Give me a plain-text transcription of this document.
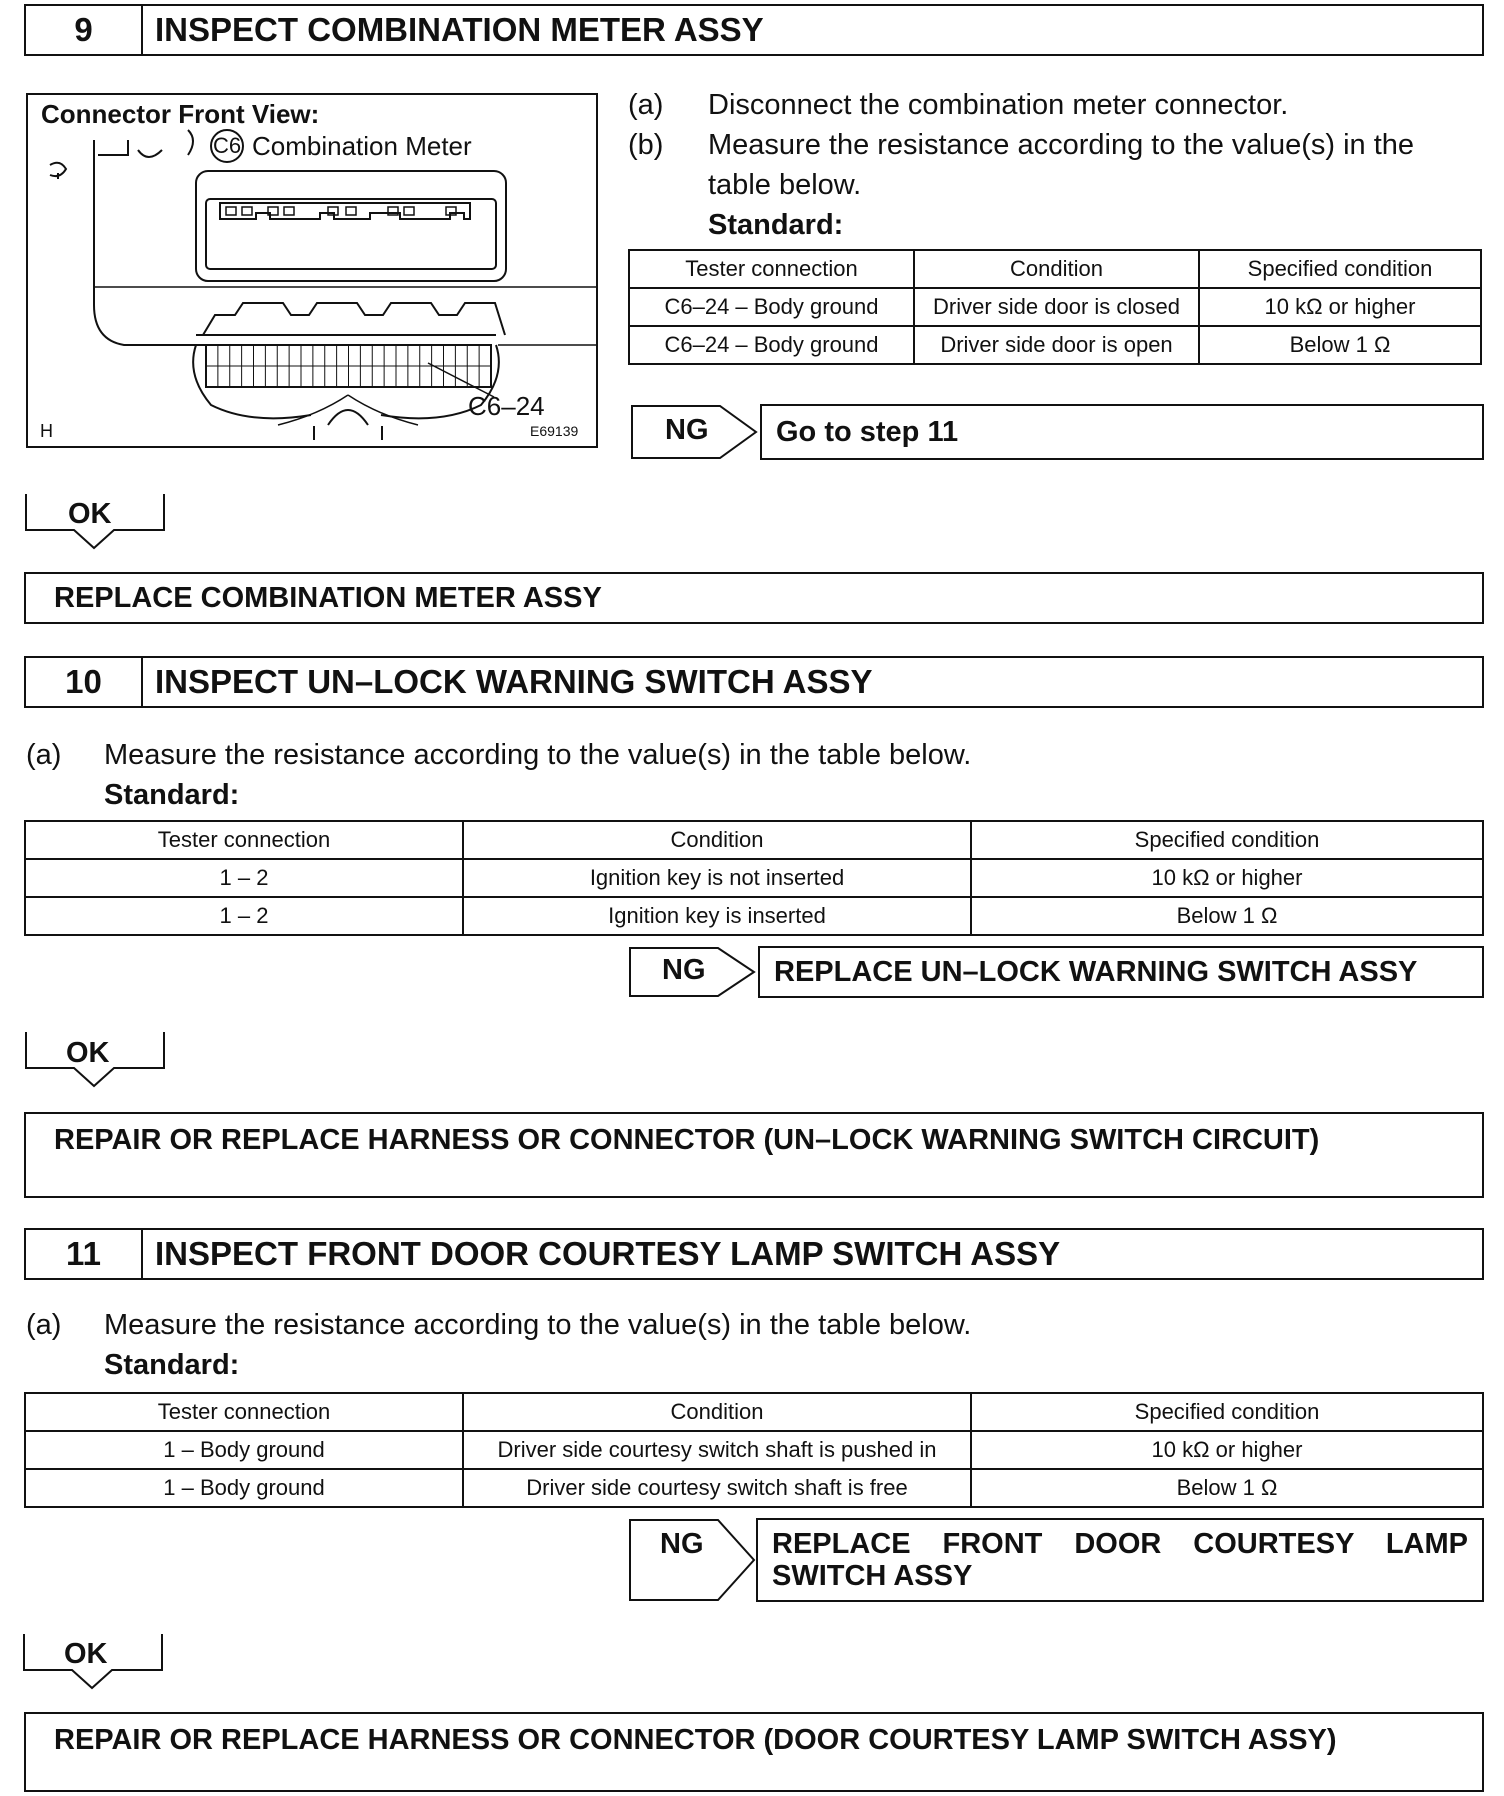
9	INSPECT COMBINATION METER ASSY
Connector Front View:
C6 Combination Meter
C6–24
H	E69139
(a) Disconnect the combination meter connector.
(b) Measure the resistance according to the value(s) in the
table below.
Standard:
Tester connection	Condition	Specified condition
C6–24 – Body ground	Driver side door is closed	10 kΩ or higher
C6–24 – Body ground	Driver side door is open	Below 1 Ω
NG Go to step 11
OK
REPLACE COMBINATION METER ASSY
10	INSPECT UN–LOCK WARNING SWITCH ASSY
(a) Measure the resistance according to the value(s) in the table below.
Standard:
Tester connection	Condition	Specified condition
1 – 2	Ignition key is not inserted	10 kΩ or higher
1 – 2	Ignition key is inserted	Below 1 Ω
NG REPLACE UN–LOCK WARNING SWITCH ASSY
OK
REPAIR OR REPLACE HARNESS OR CONNECTOR (UN–LOCK WARNING SWITCH CIRCUIT)
11	INSPECT FRONT DOOR COURTESY LAMP SWITCH ASSY
(a) Measure the resistance according to the value(s) in the table below.
Standard:
Tester connection	Condition	Specified condition
1 – Body ground	Driver side courtesy switch shaft is pushed in	10 kΩ or higher
1 – Body ground	Driver side courtesy switch shaft is free	Below 1 Ω
NG REPLACE FRONT DOOR COURTESY LAMP
SWITCH ASSY
OK
REPAIR OR REPLACE HARNESS OR CONNECTOR (DOOR COURTESY LAMP SWITCH ASSY)
